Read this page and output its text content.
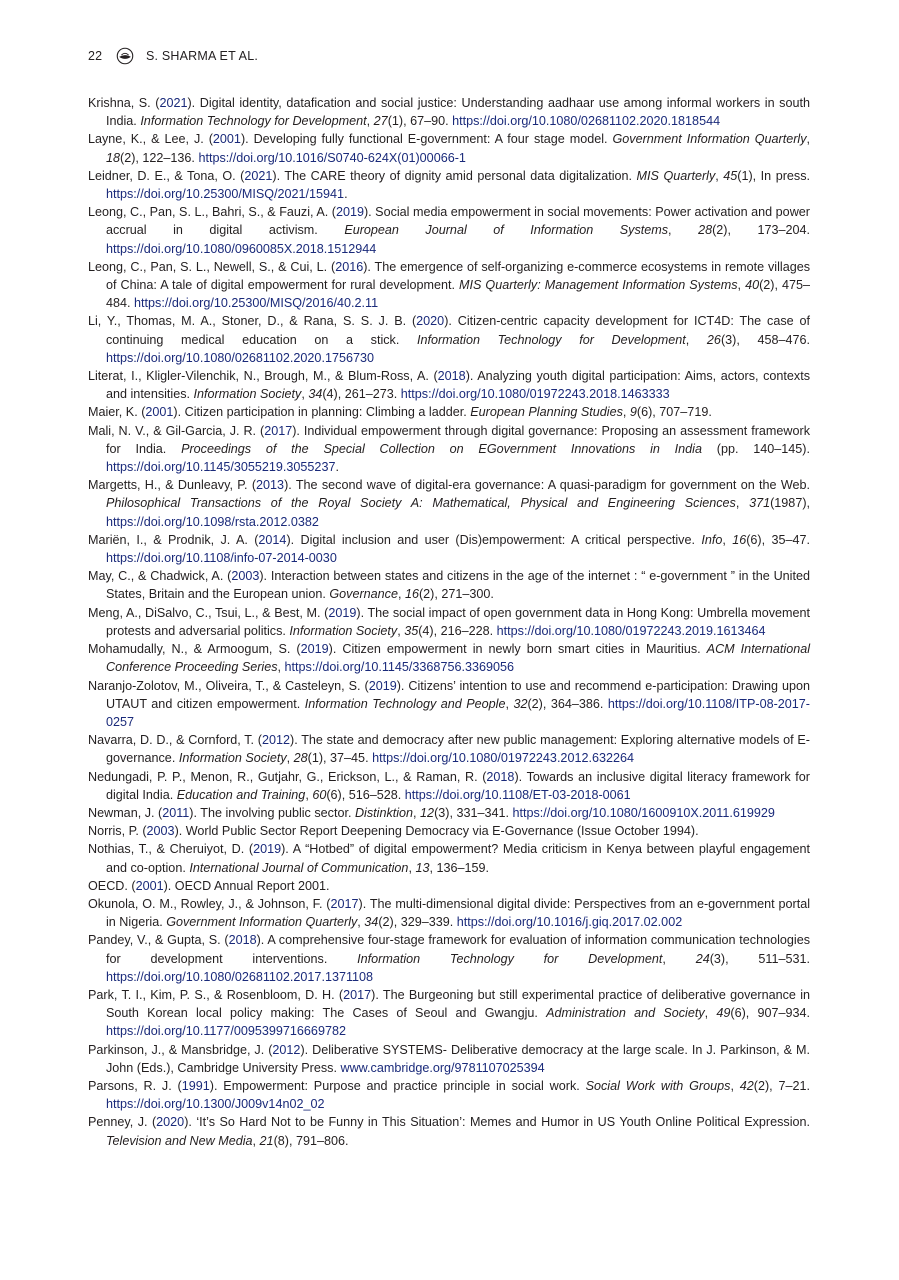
22	S. SHARMA ET AL.
Krishna, S. (2021). Digital identity, datafication and social justice: Understanding aadhaar use among informal workers in south India. Information Technology for Development, 27(1), 67–90. https://doi.org/10.1080/02681102.2020.1818544
Layne, K., & Lee, J. (2001). Developing fully functional E-government: A four stage model. Government Information Quarterly, 18(2), 122–136. https://doi.org/10.1016/S0740-624X(01)00066-1
Leidner, D. E., & Tona, O. (2021). The CARE theory of dignity amid personal data digitalization. MIS Quarterly, 45(1), In press. https://doi.org/10.25300/MISQ/2021/15941.
Leong, C., Pan, S. L., Bahri, S., & Fauzi, A. (2019). Social media empowerment in social movements: Power activation and power accrual in digital activism. European Journal of Information Systems, 28(2), 173–204. https://doi.org/10.1080/0960085X.2018.1512944
Leong, C., Pan, S. L., Newell, S., & Cui, L. (2016). The emergence of self-organizing e-commerce ecosystems in remote villages of China: A tale of digital empowerment for rural development. MIS Quarterly: Management Information Systems, 40(2), 475–484. https://doi.org/10.25300/MISQ/2016/40.2.11
Li, Y., Thomas, M. A., Stoner, D., & Rana, S. S. J. B. (2020). Citizen-centric capacity development for ICT4D: The case of continuing medical education on a stick. Information Technology for Development, 26(3), 458–476. https://doi.org/10.1080/02681102.2020.1756730
Literat, I., Kligler-Vilenchik, N., Brough, M., & Blum-Ross, A. (2018). Analyzing youth digital participation: Aims, actors, contexts and intensities. Information Society, 34(4), 261–273. https://doi.org/10.1080/01972243.2018.1463333
Maier, K. (2001). Citizen participation in planning: Climbing a ladder. European Planning Studies, 9(6), 707–719.
Mali, N. V., & Gil-Garcia, J. R. (2017). Individual empowerment through digital governance: Proposing an assessment framework for India. Proceedings of the Special Collection on EGovernment Innovations in India (pp. 140–145). https://doi.org/10.1145/3055219.3055237.
Margetts, H., & Dunleavy, P. (2013). The second wave of digital-era governance: A quasi-paradigm for government on the Web. Philosophical Transactions of the Royal Society A: Mathematical, Physical and Engineering Sciences, 371(1987), https://doi.org/10.1098/rsta.2012.0382
Mariën, I., & Prodnik, J. A. (2014). Digital inclusion and user (Dis)empowerment: A critical perspective. Info, 16(6), 35–47. https://doi.org/10.1108/info-07-2014-0030
May, C., & Chadwick, A. (2003). Interaction between states and citizens in the age of the internet : “ e-government ” in the United States, Britain and the European union. Governance, 16(2), 271–300.
Meng, A., DiSalvo, C., Tsui, L., & Best, M. (2019). The social impact of open government data in Hong Kong: Umbrella movement protests and adversarial politics. Information Society, 35(4), 216–228. https://doi.org/10.1080/01972243.2019.1613464
Mohamudally, N., & Armoogum, S. (2019). Citizen empowerment in newly born smart cities in Mauritius. ACM International Conference Proceeding Series, https://doi.org/10.1145/3368756.3369056
Naranjo-Zolotov, M., Oliveira, T., & Casteleyn, S. (2019). Citizens’ intention to use and recommend e-participation: Drawing upon UTAUT and citizen empowerment. Information Technology and People, 32(2), 364–386. https://doi.org/10.1108/ITP-08-2017-0257
Navarra, D. D., & Cornford, T. (2012). The state and democracy after new public management: Exploring alternative models of E-governance. Information Society, 28(1), 37–45. https://doi.org/10.1080/01972243.2012.632264
Nedungadi, P. P., Menon, R., Gutjahr, G., Erickson, L., & Raman, R. (2018). Towards an inclusive digital literacy framework for digital India. Education and Training, 60(6), 516–528. https://doi.org/10.1108/ET-03-2018-0061
Newman, J. (2011). The involving public sector. Distinktion, 12(3), 331–341. https://doi.org/10.1080/1600910X.2011.619929
Norris, P. (2003). World Public Sector Report Deepening Democracy via E-Governance (Issue October 1994).
Nothias, T., & Cheruiyot, D. (2019). A “Hotbed” of digital empowerment? Media criticism in Kenya between playful engagement and co-option. International Journal of Communication, 13, 136–159.
OECD. (2001). OECD Annual Report 2001.
Okunola, O. M., Rowley, J., & Johnson, F. (2017). The multi-dimensional digital divide: Perspectives from an e-government portal in Nigeria. Government Information Quarterly, 34(2), 329–339. https://doi.org/10.1016/j.giq.2017.02.002
Pandey, V., & Gupta, S. (2018). A comprehensive four-stage framework for evaluation of information communication technologies for development interventions. Information Technology for Development, 24(3), 511–531. https://doi.org/10.1080/02681102.2017.1371108
Park, T. I., Kim, P. S., & Rosenbloom, D. H. (2017). The Burgeoning but still experimental practice of deliberative governance in South Korean local policy making: The Cases of Seoul and Gwangju. Administration and Society, 49(6), 907–934. https://doi.org/10.1177/0095399716669782
Parkinson, J., & Mansbridge, J. (2012). Deliberative SYSTEMS- Deliberative democracy at the large scale. In J. Parkinson, & M. John (Eds.), Cambridge University Press. www.cambridge.org/9781107025394
Parsons, R. J. (1991). Empowerment: Purpose and practice principle in social work. Social Work with Groups, 42(2), 7–21. https://doi.org/10.1300/J009v14n02_02
Penney, J. (2020). ‘It’s So Hard Not to be Funny in This Situation’: Memes and Humor in US Youth Online Political Expression. Television and New Media, 21(8), 791–806.
